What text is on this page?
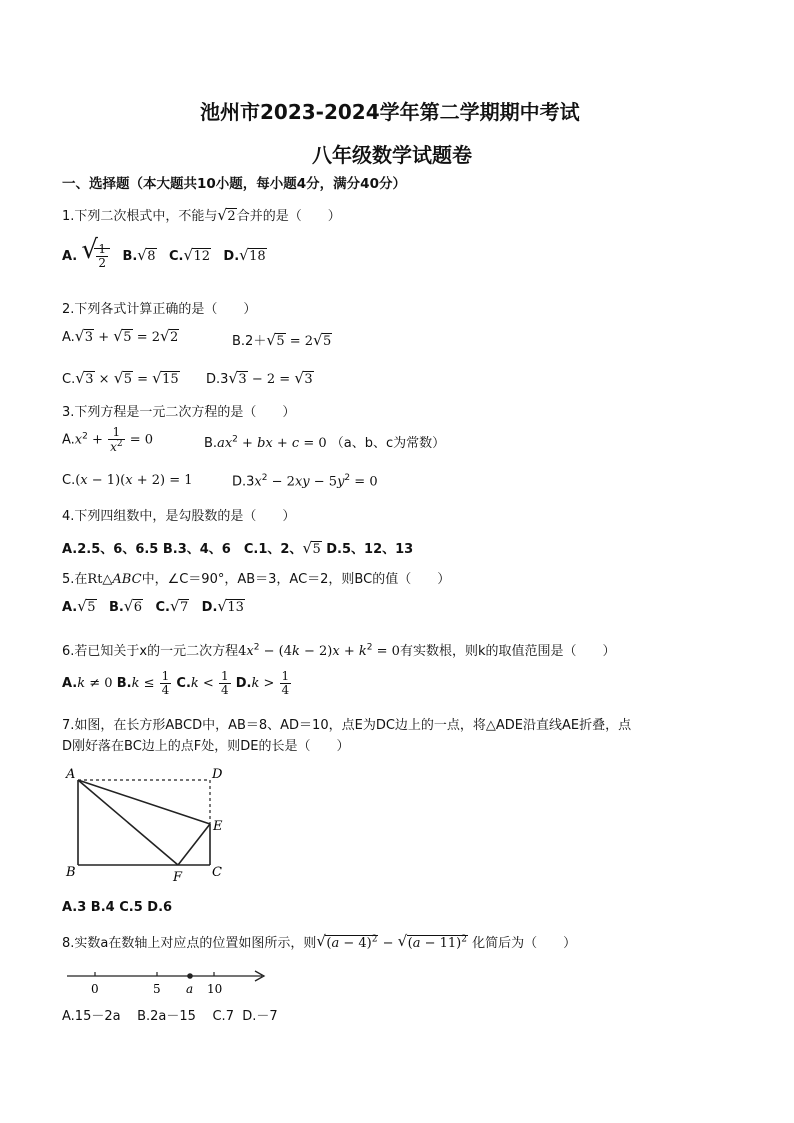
池州市2023-2024学年第二学期期中考试
八年级数学试题卷
一、选择题（本大题共10小题，每小题4分，满分40分）
1.下列二次根式中，不能与 √ 2合并的是（　　）
A. √
$\frac{1}{2} B$. √ 8 C. √ 12 D. √ 18
2.下列各式计算正确的是（　　）
A. √ 3 + √ 5 = 2 √ 2	B.2＋ √ 5 = 2 √ 5
C. √ 3 × √ 5 = √ 15 D.3 √ 3 − 2 = √ 3
3.下列方程是一元二次方程的是（　　）
$A.x^2 + \frac{1}{x^2} = 0$	$B.ax^2$ + bx + c = 0 （a、b、c为常数）
C.(x − 1)(x + 2) = 1	$D.3x^2 - 2xy - 5y^2 = 0$
4.下列四组数中，是勾股数的是（　　）
A.2.5、6、6.5 B.3、4、6　C.1、2、 √ 5 D.5、12、13
5.在Rt△ABC中，∠C＝90°，AB＝3，AC＝2，则BC的值（　　）
A. √ 5 B. √ 6 C. √ 7 D. √ 13
6.若已知关于x的一元二次方程$4x^2 - (4k - 2)x + k^2 = 0$有实数根，则k的取值范围是（　　）
A.k ≠ 0 $B.k \le \frac{1}{4} C.k < \frac{1}{4} D.k > \frac{1}{4}$
7.如图，在长方形ABCD中，AB＝8、AD＝10，点E为DC边上的一点，将△ADE沿直线AE折叠，点
D刚好落在BC边上的点F处，则DE的长是（　　）
A	D
E
B	F C
A.3 B.4 C.5 D.6
8.实数a在数轴上对应点的位置如图所示，则 √ $(a - 4)^2$ − √ $(a - 11)^2$ 化简后为（　　）
0	5 a 10
A.15－2a B.2a－15 C.7 D.－7
